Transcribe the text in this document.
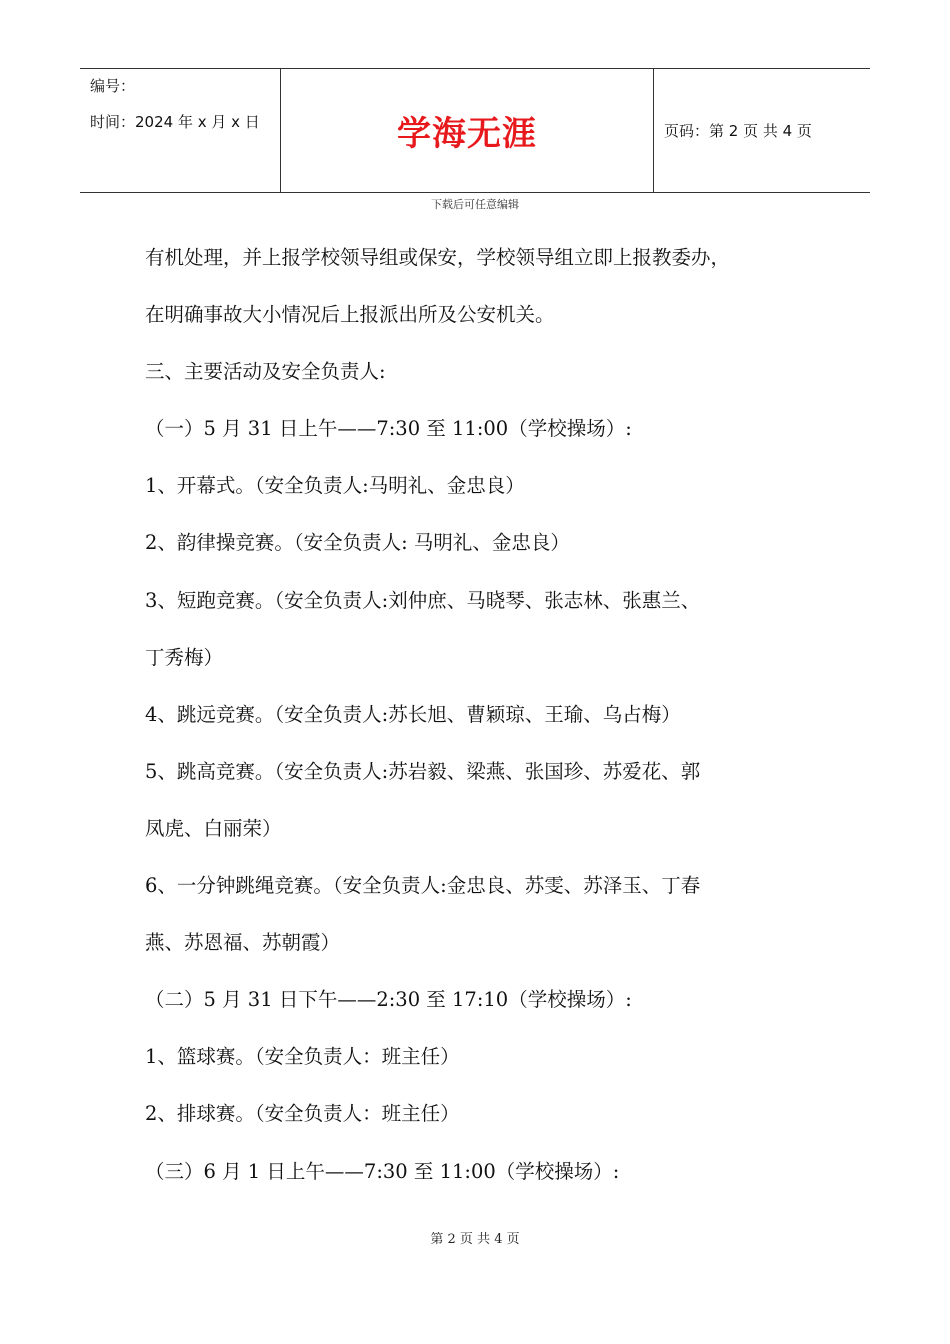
编号：
时间：2024 年 x 月 x 日	学海无涯	页码：第 2 页 共 4 页
下载后可任意编辑
有机处理，并上报学校领导组或保安，学校领导组立即上报教委办，
在明确事故大小情况后上报派出所及公安机关。
三、主要活动及安全负责人:
（一）5 月 31 日上午——7:30 至 11:00（学校操场）:
1、开幕式。（安全负责人:马明礼、金忠良）
2、韵律操竞赛。（安全负责人: 马明礼、金忠良）
3、短跑竞赛。（安全负责人:刘仲庶、马晓琴、张志林、张惠兰、
丁秀梅）
4、跳远竞赛。（安全负责人:苏长旭、曹颖琼、王瑜、乌占梅）
5、跳高竞赛。（安全负责人:苏岩毅、梁燕、张国珍、苏爱花、郭
凤虎、白丽荣）
6、一分钟跳绳竞赛。（安全负责人:金忠良、苏雯、苏泽玉、丁春
燕、苏恩福、苏朝霞）
（二）5 月 31 日下午——2:30 至 17:10（学校操场）:
1、篮球赛。（安全负责人：班主任）
2、排球赛。（安全负责人：班主任）
（三）6 月 1 日上午——7:30 至 11:00（学校操场）:
第 2 页 共 4 页
